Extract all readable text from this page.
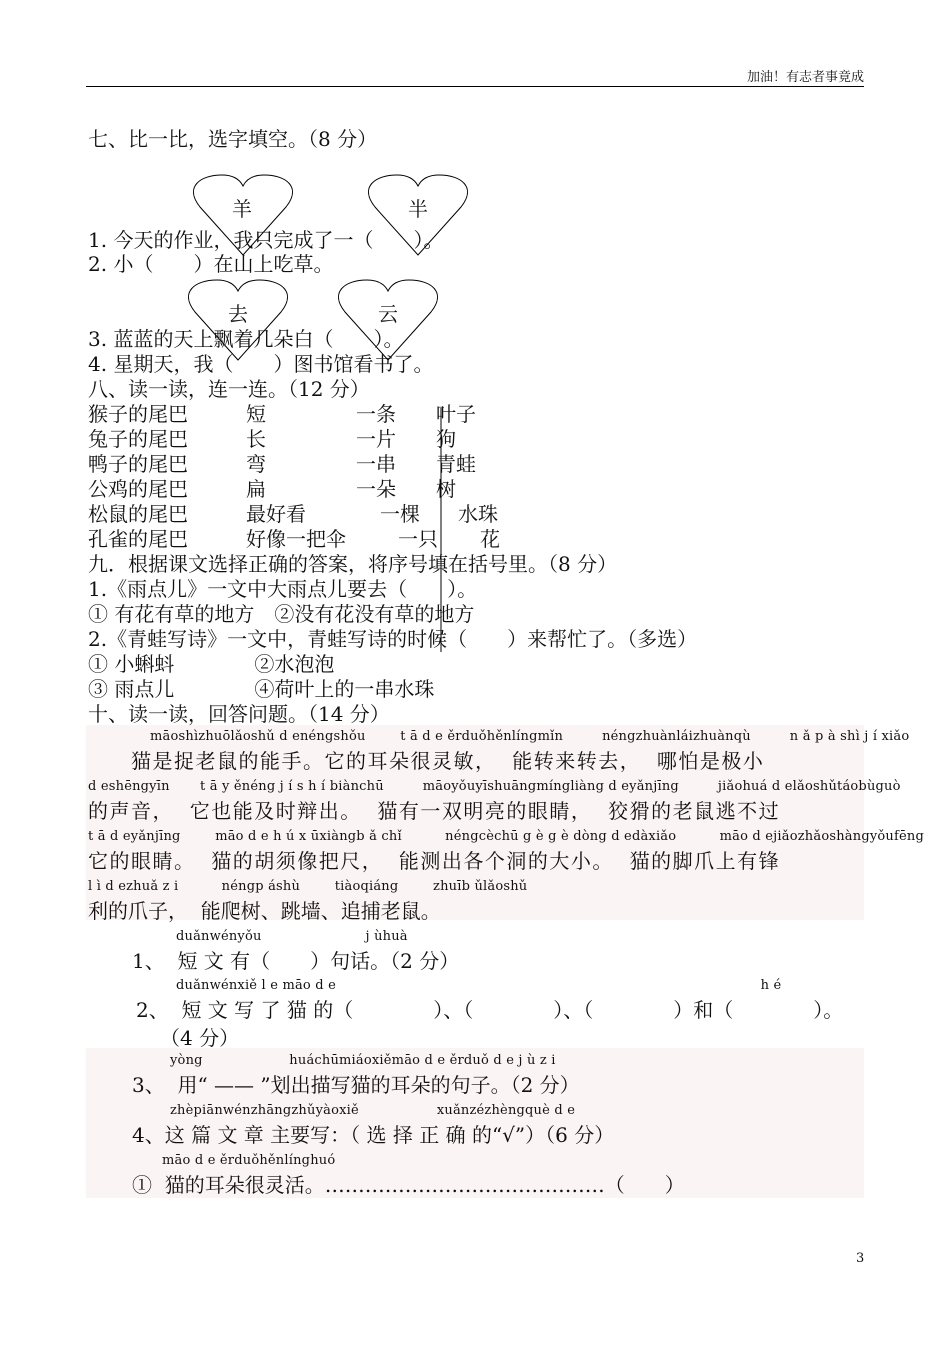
加油！有志者事竟成
羊	半
去	云
七、比一比，选字填空。（8 分）
1. 今天的作业，我只完成了一（　　）。
2. 小（　　）在山上吃草。
3. 蓝蓝的天上飘着几朵白（　　）。
4. 星期天，我（　　）图书馆看书了。
八、读一读，连一连。（12 分）
猴子的尾巴
兔子的尾巴
鸭子的尾巴
公鸡的尾巴
松鼠的尾巴
孔雀的尾巴
短
长
弯
扁
最好看
好像一把伞
一条
一片
一串
一朵
一棵
一只
叶子
狗
青蛙
树
水珠
花
九．根据课文选择正确的答案，将序号填在括号里。（8 分）
1.《雨点儿》一文中大雨点儿要去（　　）。
① 有花有草的地方　②没有花没有草的地方
2.《青蛙写诗》一文中，青蛙写诗的时候（　　）来帮忙了。（多选）
① 小蝌蚪　　　　②水泡泡
③ 雨点儿　　　　④荷叶上的一串水珠
十、读一读，回答问题。（14 分）
māoshìzhuōlǎoshǔ d enéngshǒu        t ā d e ěrduǒhěnlíngmǐn         néngzhuànláizhuànqù         n ǎ p à shì j í xiǎo
　　猫是捉老鼠的能手。它的耳朵很灵敏，  能转来转去，  哪怕是极小
d eshēngyīn       t ā y ěnéng j í s h í biànchū         māoyǒuyīshuāngmíngliàng d eyǎnjīng         jiǎohuá d elǎoshǔtáobùguò
的声音，  它也能及时辩出。  猫有一双明亮的眼睛，  狡猾的老鼠逃不过
t ā d eyǎnjīng        māo d e h ú x ūxiàngb ǎ chǐ          néngcèchū g è g è dòng d edàxiǎo          māo d ejiǎozhǎoshàngyǒufēng
它的眼睛。  猫的胡须像把尺，  能测出各个洞的大小。  猫的脚爪上有锋
l ì d ezhuǎ z i          néngp áshù        tiàoqiáng        zhuīb ǔlǎoshǔ
利的爪子，  能爬树、跳墙、追捕老鼠。
duǎnwényǒu                        j ùhuà
1、  短 文 有（　　）句话。（2 分）
duǎnwénxiě l e māo d e                                                                                                  h é
2、  短 文 写 了 猫 的（　　　　）、（　　　　）、（　　　　）和（　　　　）。
（4 分）
yòng                    huáchūmiáoxiěmāo d e ěrduǒ d e j ù z i
3、  用“ —— ”划出描写猫的耳朵的句子。（2 分）
zhèpiānwénzhāngzhǔyàoxiě                  xuǎnzézhèngquè d e
4、这 篇 文 章 主要写：（ 选 择 正 确 的“√”）（6 分）
māo d e ěrduǒhěnlínghuó
①  猫的耳朵很灵活。……………………………………（　　）
3
